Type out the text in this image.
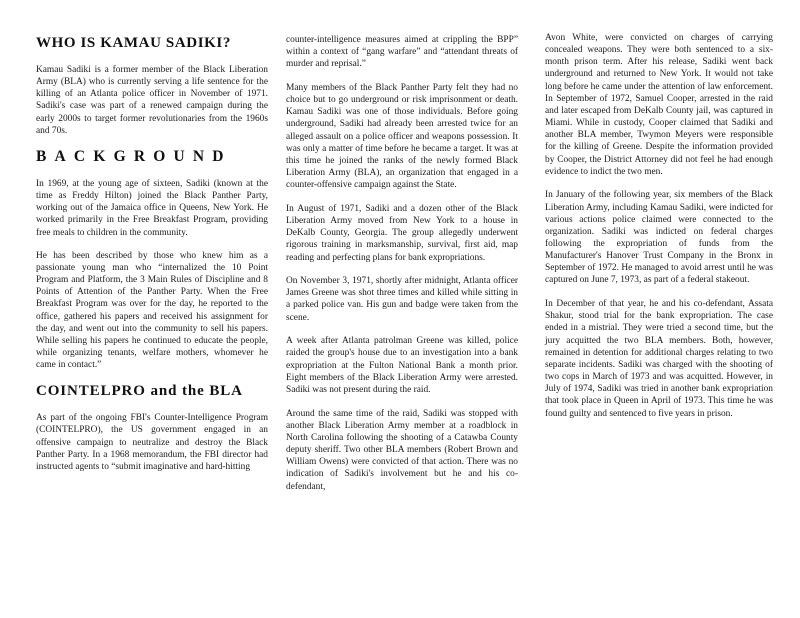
WHO IS KAMAU SADIKI?

Kamau Sadiki is a former member of the Black Liberation Army (BLA) who is currently serving a life sentence for the killing of an Atlanta police officer in November of 1971. Sadiki's case was part of a renewed campaign during the early 2000s to target former revolutionaries from the 1960s and 70s.

BACKGROUND

In 1969, at the young age of sixteen, Sadiki (known at the time as Freddy Hilton) joined the Black Panther Party, working out of the Jamaica office in Queens, New York. He worked primarily in the Free Breakfast Program, providing free meals to children in the community.

He has been described by those who knew him as a passionate young man who “internalized the 10 Point Program and Platform, the 3 Main Rules of Discipline and 8 Points of Attention of the Panther Party. When the Free Breakfast Program was over for the day, he reported to the office, gathered his papers and received his assignment for the day, and went out into the community to sell his papers. While selling his papers he continued to educate the people, while organizing tenants, welfare mothers, whomever he came in contact.”

COINTELPRO and the BLA

As part of the ongoing FBI's Counter-Intelligence Program (COINTELPRO), the US government engaged in an offensive campaign to neutralize and destroy the Black Panther Party. In a 1968 memorandum, the FBI director had instructed agents to “submit imaginative and hard-hitting

counter-intelligence measures aimed at crippling the BPP” within a context of “gang warfare” and “attendant threats of murder and reprisal.”

Many members of the Black Panther Party felt they had no choice but to go underground or risk imprisonment or death. Kamau Sadiki was one of those individuals. Before going underground, Sadiki had already been arrested twice for an alleged assault on a police officer and weapons possession. It was only a matter of time before he became a target. It was at this time he joined the ranks of the newly formed Black Liberation Army (BLA), an organization that engaged in a counter-offensive campaign against the State.

In August of 1971, Sadiki and a dozen other of the Black Liberation Army moved from New York to a house in DeKalb County, Georgia. The group allegedly underwent rigorous training in marksmanship, survival, first aid, map reading and perfecting plans for bank expropriations.

On November 3, 1971, shortly after midnight, Atlanta officer James Greene was shot three times and killed while sitting in a parked police van. His gun and badge were taken from the scene.

A week after Atlanta patrolman Greene was killed, police raided the group's house due to an investigation into a bank expropriation at the Fulton National Bank a month prior. Eight members of the Black Liberation Army were arrested. Sadiki was not present during the raid.

Around the same time of the raid, Sadiki was stopped with another Black Liberation Army member at a roadblock in North Carolina following the shooting of a Catawba County deputy sheriff. Two other BLA members (Robert Brown and William Owens) were convicted of that action. There was no indication of Sadiki's involvement but he and his co-defendant,

Avon White, were convicted on charges of carrying concealed weapons. They were both sentenced to a six-month prison term. After his release, Sadiki went back underground and returned to New York. It would not take long before he came under the attention of law enforcement. In September of 1972, Samuel Cooper, arrested in the raid and later escaped from DeKalb County jail, was captured in Miami. While in custody, Cooper claimed that Sadiki and another BLA member, Twymon Meyers were responsible for the killing of Greene. Despite the information provided by Cooper, the District Attorney did not feel he had enough evidence to indict the two men.

In January of the following year, six members of the Black Liberation Army, including Kamau Sadiki, were indicted for various actions police claimed were connected to the organization. Sadiki was indicted on federal charges following the expropriation of funds from the Manufacturer's Hanover Trust Company in the Bronx in September of 1972. He managed to avoid arrest until he was captured on June 7, 1973, as part of a federal stakeout.

In December of that year, he and his co-defendant, Assata Shakur, stood trial for the bank expropriation. The case ended in a mistrial. They were tried a second time, but the jury acquitted the two BLA members. Both, however, remained in detention for additional charges relating to two separate incidents. Sadiki was charged with the shooting of two cops in March of 1973 and was acquitted. However, in July of 1974, Sadiki was tried in another bank expropriation that took place in Queen in April of 1973. This time he was found guilty and sentenced to five years in prison.
